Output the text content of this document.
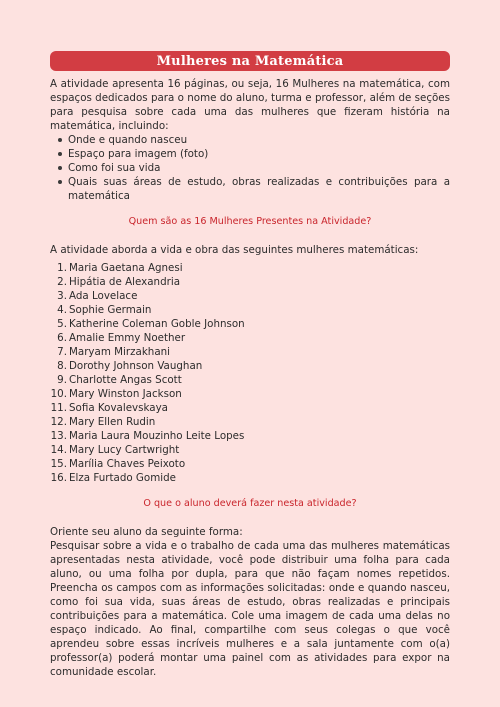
Mulheres na Matemática

A atividade apresenta 16 páginas, ou seja, 16 Mulheres na matemática, com espaços dedicados para o nome do aluno, turma e professor, além de seções para pesquisa sobre cada uma das mulheres que fizeram história na matemática, incluindo:

Onde e quando nasceu
Espaço para imagem (foto)
Como foi sua vida
Quais suas áreas de estudo, obras realizadas e contribuições para a matemática
Quem são as 16 Mulheres Presentes na Atividade?

A atividade aborda a vida e obra das seguintes mulheres matemáticas:

1. Maria Gaetana Agnesi
2. Hipátia de Alexandria
3. Ada Lovelace
4. Sophie Germain
5. Katherine Coleman Goble Johnson
6. Amalie Emmy Noether
7. Maryam Mirzakhani
8. Dorothy Johnson Vaughan
9. Charlotte Angas Scott
10. Mary Winston Jackson
11. Sofia Kovalevskaya
12. Mary Ellen Rudin
13. Maria Laura Mouzinho Leite Lopes
14. Mary Lucy Cartwright
15. Marília Chaves Peixoto
16. Elza Furtado Gomide
O que o aluno deverá fazer nesta atividade?

Oriente seu aluno da seguinte forma:

Pesquisar sobre a vida e o trabalho de cada uma das mulheres matemáticas apresentadas nesta atividade, você pode distribuir uma folha para cada aluno, ou uma folha por dupla, para que não façam nomes repetidos. Preencha os campos com as informações solicitadas: onde e quando nasceu, como foi sua vida, suas áreas de estudo, obras realizadas e principais contribuições para a matemática. Cole uma imagem de cada uma delas no espaço indicado. Ao final, compartilhe com seus colegas o que você aprendeu sobre essas incríveis mulheres e a sala juntamente com o(a) professor(a) poderá montar uma painel com as atividades para expor na comunidade escolar.
